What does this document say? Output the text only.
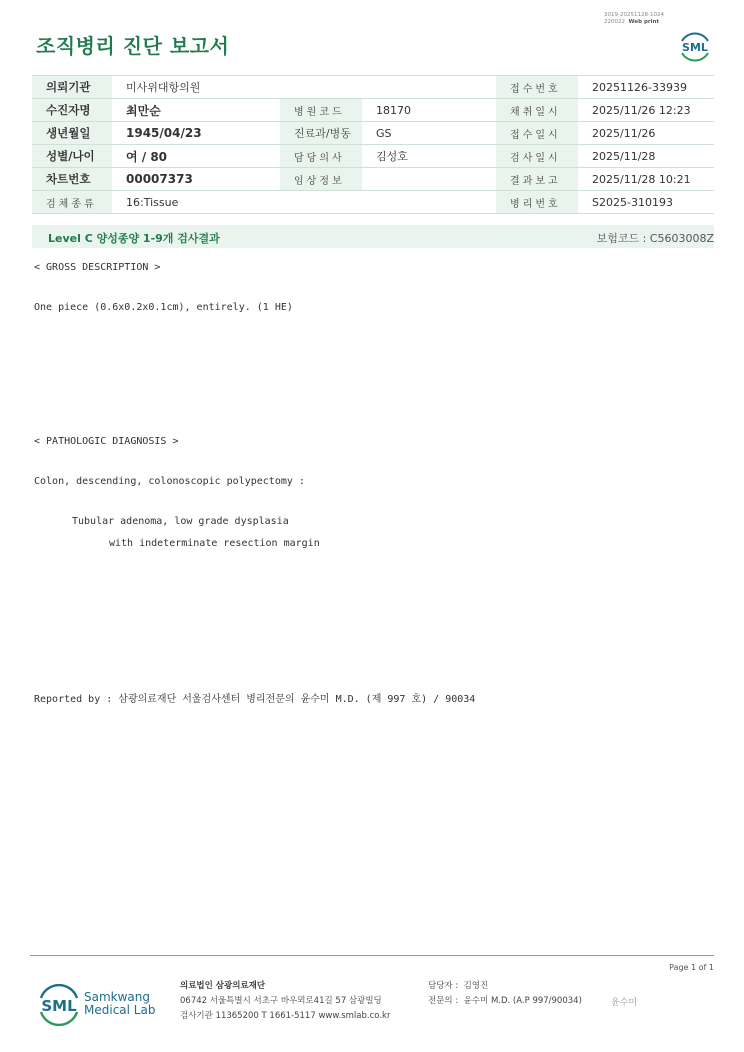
조직병리 진단 보고서
3019-20251128-1024
220022 Web print
SML
의뢰기관	미사위대항의원			접수번호	20251126-33939
수진자명	최만순	병원코드	18170	채취일시	2025/11/26 12:23
생년월일	1945/04/23	진료과/병동	GS	접수일시	2025/11/26
성별/나이	여 / 80	담당의사	김성호	검사일시	2025/11/28
차트번호	00007373	임상정보		결과보고	2025/11/28 10:21
검체종류	16:Tissue			병리번호	S2025-310193
Level C 양성종양 1-9개 검사결과	보험코드 : C5603008Z
< GROSS DESCRIPTION >
One piece (0.6x0.2x0.1cm), entirely. (1 HE)
< PATHOLOGIC DIAGNOSIS >
Colon, descending, colonoscopic polypectomy :
Tubular adenoma, low grade dysplasia
with indeterminate resection margin
Reported by : 삼광의료재단 서울검사센터 병리전문의 윤수미 M.D. (제 997 호) / 90034
Page 1 of 1
SML Samkwang
Medical Lab
의료법인 삼광의료재단
06742 서울특별시 서초구 바우뫼로41길 57 삼광빌딩
검사기관 11365200 T 1661-5117 www.smlab.co.kr
담당자 : 김영진
전문의 : 윤수미 M.D. (A.P 997/90034)	윤수미
